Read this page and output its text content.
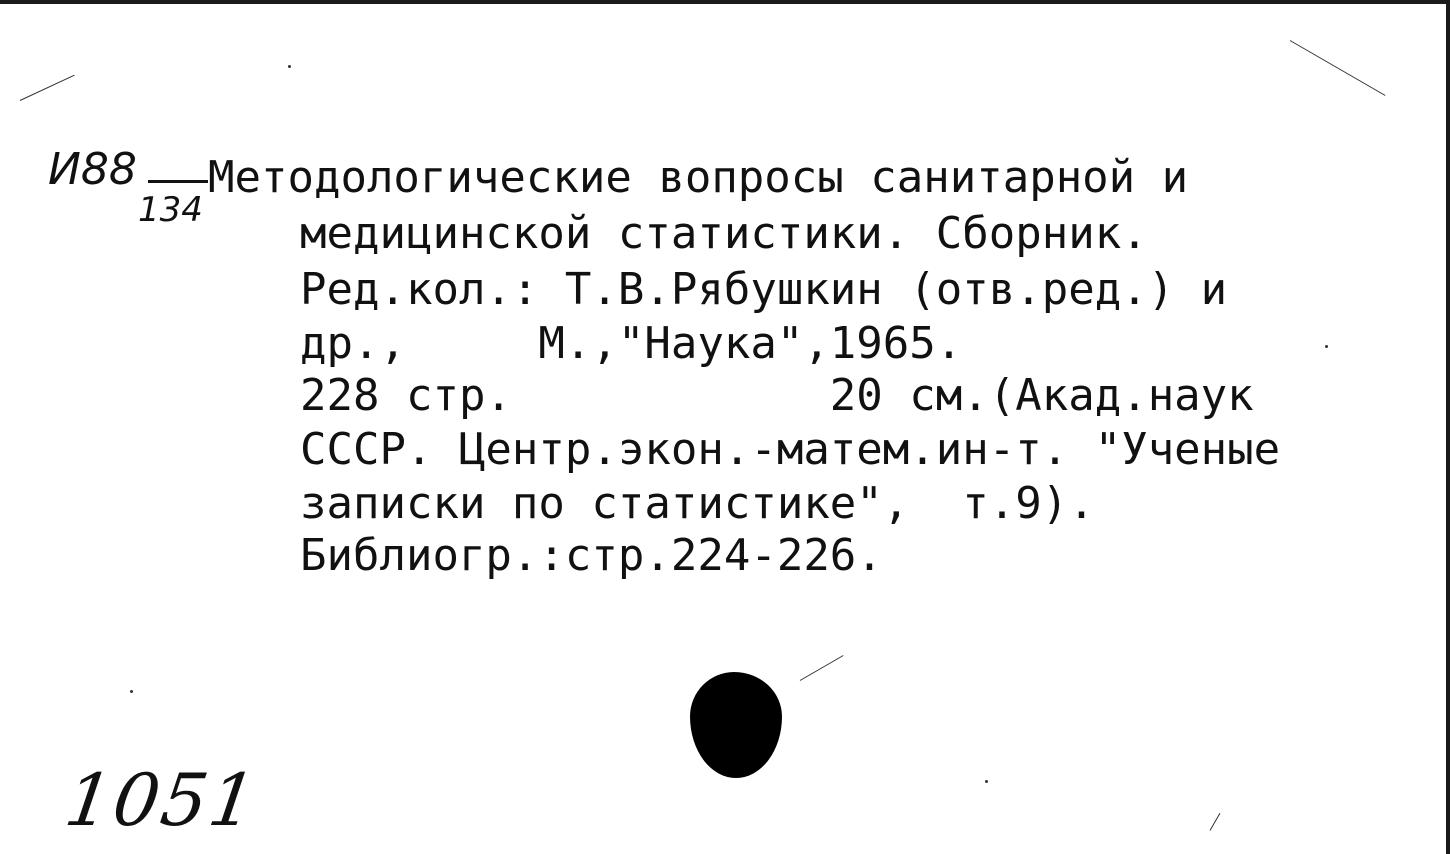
И88
134
Методологические вопросы санитарной и
медицинской статистики. Сборник.
Ред.кол.: Т.В.Рябушкин (отв.ред.) и
др.,     М.,"Наука",1965.
228 стр.            20 см.(Акад.наук
СССР. Центр.экон.-матем.ин-т. "Ученые
записки по статистике",  т.9).
Библиогр.:стр.224-226.
1051
